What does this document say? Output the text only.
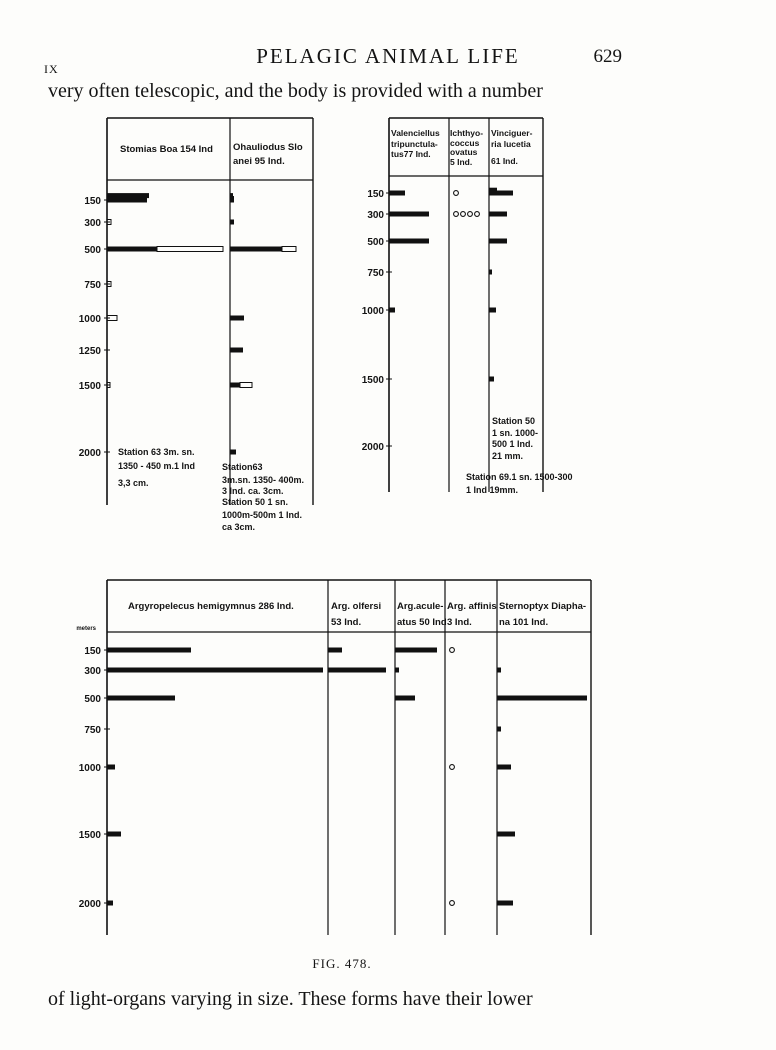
IX
PELAGIC ANIMAL LIFE	629
very often telescopic, and the body is provided with a number
150
300
500
750
1000
1250
1500
2000
Stomias Boa 154 Ind
Station 63 3m. sn.
1350 - 450 m.1 Ind
3,3 cm.
Ohauliodus Slo
anei 95 Ind.
Station63
3m.sn. 1350- 400m.
3 Ind. ca. 3cm.
Station 50 1 sn.
1000m-500m 1 Ind.
ca 3cm.
150
300
500
750
1000
1500
2000
Valenciellus
tripunctula-
tus77 Ind.
Ichthyo-
coccus
ovatus
5 Ind.
Station 69.1 sn. 1500-300
1 Ind 19mm.
Vinciguer-
ria lucetia
61 Ind.
Station 50
1 sn. 1000-
500 1 Ind.
21 mm.
150
300
500
750
1000
1500
2000
meters
Argyropelecus hemigymnus 286 Ind.	Arg. olfersi
53 Ind.
Arg.acule-
atus 50 Ind
Arg. affinis
3 Ind.
Sternoptyx Diapha-
na 101 Ind.
FIG. 478.
of light-organs varying in size. These forms have their lower
